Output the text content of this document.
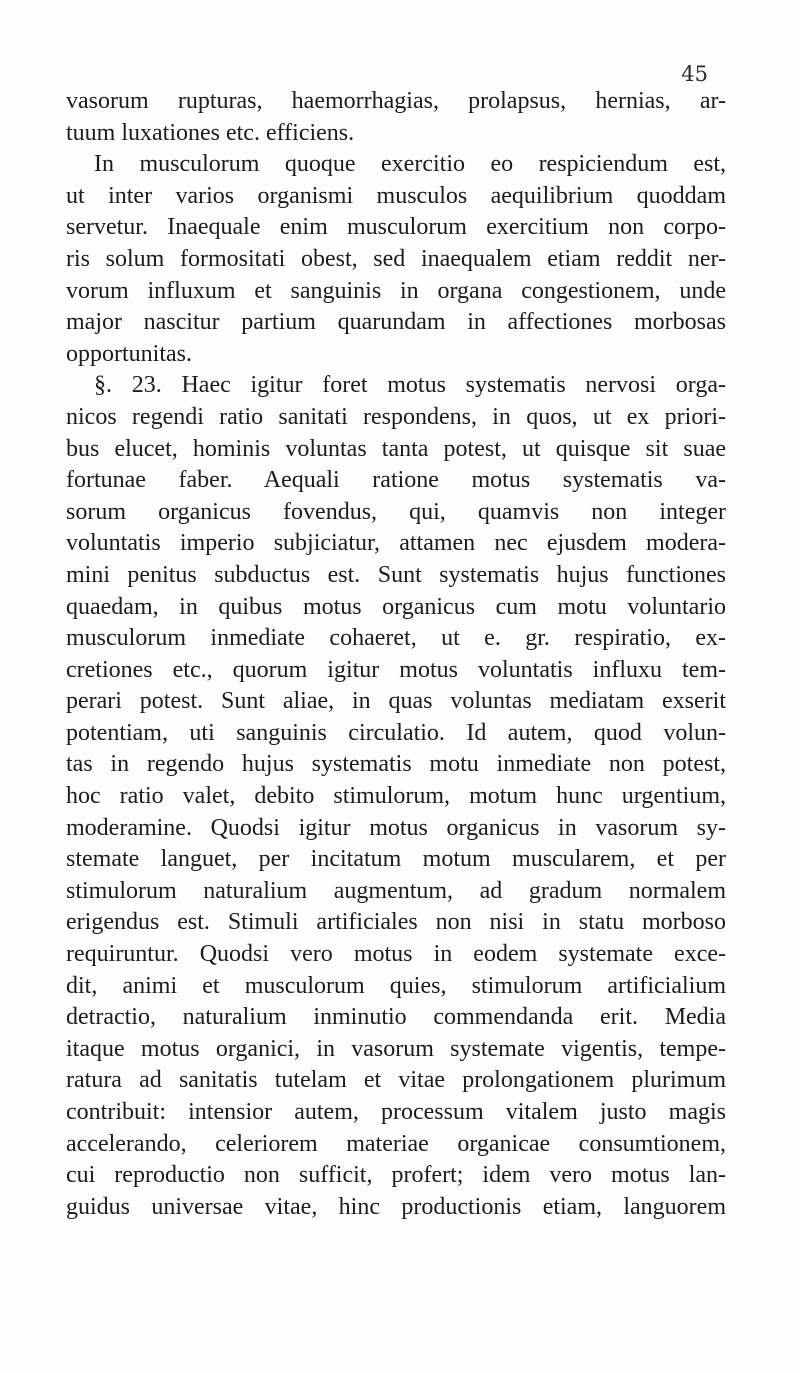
45
vasorum rupturas, haemorrhagias, prolapsus, hernias, ar-
tuum luxationes etc. efficiens.
In musculorum quoque exercitio eo respiciendum est,
ut inter varios organismi musculos aequilibrium quoddam
servetur. Inaequale enim musculorum exercitium non corpo-
ris solum formositati obest, sed inaequalem etiam reddit ner-
vorum influxum et sanguinis in organa congestionem, unde
major nascitur partium quarundam in affectiones morbosas
opportunitas.
§. 23. Haec igitur foret motus systematis nervosi orga-
nicos regendi ratio sanitati respondens, in quos, ut ex priori-
bus elucet, hominis voluntas tanta potest, ut quisque sit suae
fortunae faber. Aequali ratione motus systematis va-
sorum organicus fovendus, qui, quamvis non integer
voluntatis imperio subjiciatur, attamen nec ejusdem modera-
mini penitus subductus est. Sunt systematis hujus functiones
quaedam, in quibus motus organicus cum motu voluntario
musculorum inmediate cohaeret, ut e. gr. respiratio, ex-
cretiones etc., quorum igitur motus voluntatis influxu tem-
perari potest. Sunt aliae, in quas voluntas mediatam exserit
potentiam, uti sanguinis circulatio. Id autem, quod volun-
tas in regendo hujus systematis motu inmediate non potest,
hoc ratio valet, debito stimulorum, motum hunc urgentium,
moderamine. Quodsi igitur motus organicus in vasorum sy-
stemate languet, per incitatum motum muscularem, et per
stimulorum naturalium augmentum, ad gradum normalem
erigendus est. Stimuli artificiales non nisi in statu morboso
requiruntur. Quodsi vero motus in eodem systemate exce-
dit, animi et musculorum quies, stimulorum artificialium
detractio, naturalium inminutio commendanda erit. Media
itaque motus organici, in vasorum systemate vigentis, tempe-
ratura ad sanitatis tutelam et vitae prolongationem plurimum
contribuit: intensior autem, processum vitalem justo magis
accelerando, celeriorem materiae organicae consumtionem,
cui reproductio non sufficit, profert; idem vero motus lan-
guidus universae vitae, hinc productionis etiam, languorem
